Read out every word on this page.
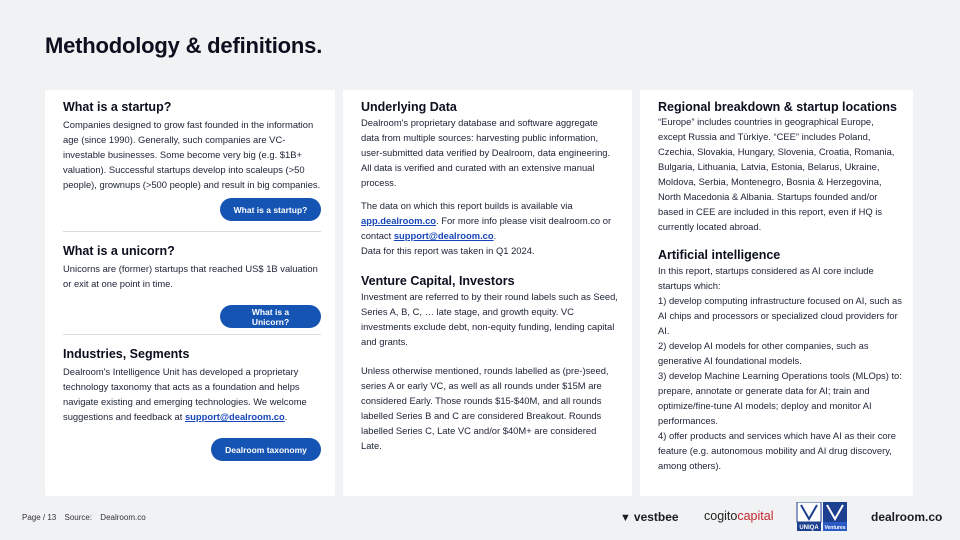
Methodology & definitions.
What is a startup?

Companies designed to grow fast founded in the information age (since 1990). Generally, such companies are VC-investable businesses. Some become very big (e.g. $1B+ valuation). Successful startups develop into scaleups (>50 people), grownups (>500 people) and result in big companies.

What is a startup?
What is a unicorn?

Unicorns are (former) startups that reached US$ 1B valuation or exit at one point in time.

What is a Unicorn?
Industries, Segments

Dealroom's Intelligence Unit has developed a proprietary technology taxonomy that acts as a foundation and helps navigate existing and emerging technologies. We welcome suggestions and feedback at support@dealroom.co.

Dealroom taxonomy
Underlying Data

Dealroom's proprietary database and software aggregate data from multiple sources: harvesting public information, user-submitted data verified by Dealroom, data engineering. All data is verified and curated with an extensive manual process.

The data on which this report builds is available via app.dealroom.co. For more info please visit dealroom.co or contact support@dealroom.co.
Data for this report was taken in Q1 2024.

Venture Capital, Investors

Investment are referred to by their round labels such as Seed, Series A, B, C, … late stage, and growth equity. VC investments exclude debt, non-equity funding, lending capital and grants.

Unless otherwise mentioned, rounds labelled as (pre-)seed, series A or early VC, as well as all rounds under $15M are considered Early. Those rounds $15-$40M, and all rounds labelled Series B and C are considered Breakout. Rounds labelled Series C, Late VC and/or $40M+ are considered Late.

Regional breakdown & startup locations

“Europe” includes countries in geographical Europe, except Russia and Türkiye. “CEE” includes Poland, Czechia, Slovakia, Hungary, Slovenia, Croatia, Romania, Bulgaria, Lithuania, Latvia, Estonia, Belarus, Ukraine, Moldova, Serbia, Montenegro, Bosnia & Herzegovina, North Macedonia & Albania. Startups founded and/or based in CEE are included in this report, even if HQ is currently located abroad.

Artificial intelligence

In this report, startups considered as AI core include startups which:

1) develop computing infrastructure focused on AI, such as AI chips and processors or specialized cloud providers for AI.

2) develop AI models for other companies, such as generative AI foundational models.

3) develop Machine Learning Operations tools (MLOps) to: prepare, annotate or generate data for AI; train and optimize/fine-tune AI models; deploy and monitor AI performances.

4) offer products and services which have AI as their core feature (e.g. autonomous mobility and AI drug discovery, among others).

Page / 13 Source: Dealroom.co	▼ vestbee cogitocapital
UNIQA Ventures
dealroom.co
